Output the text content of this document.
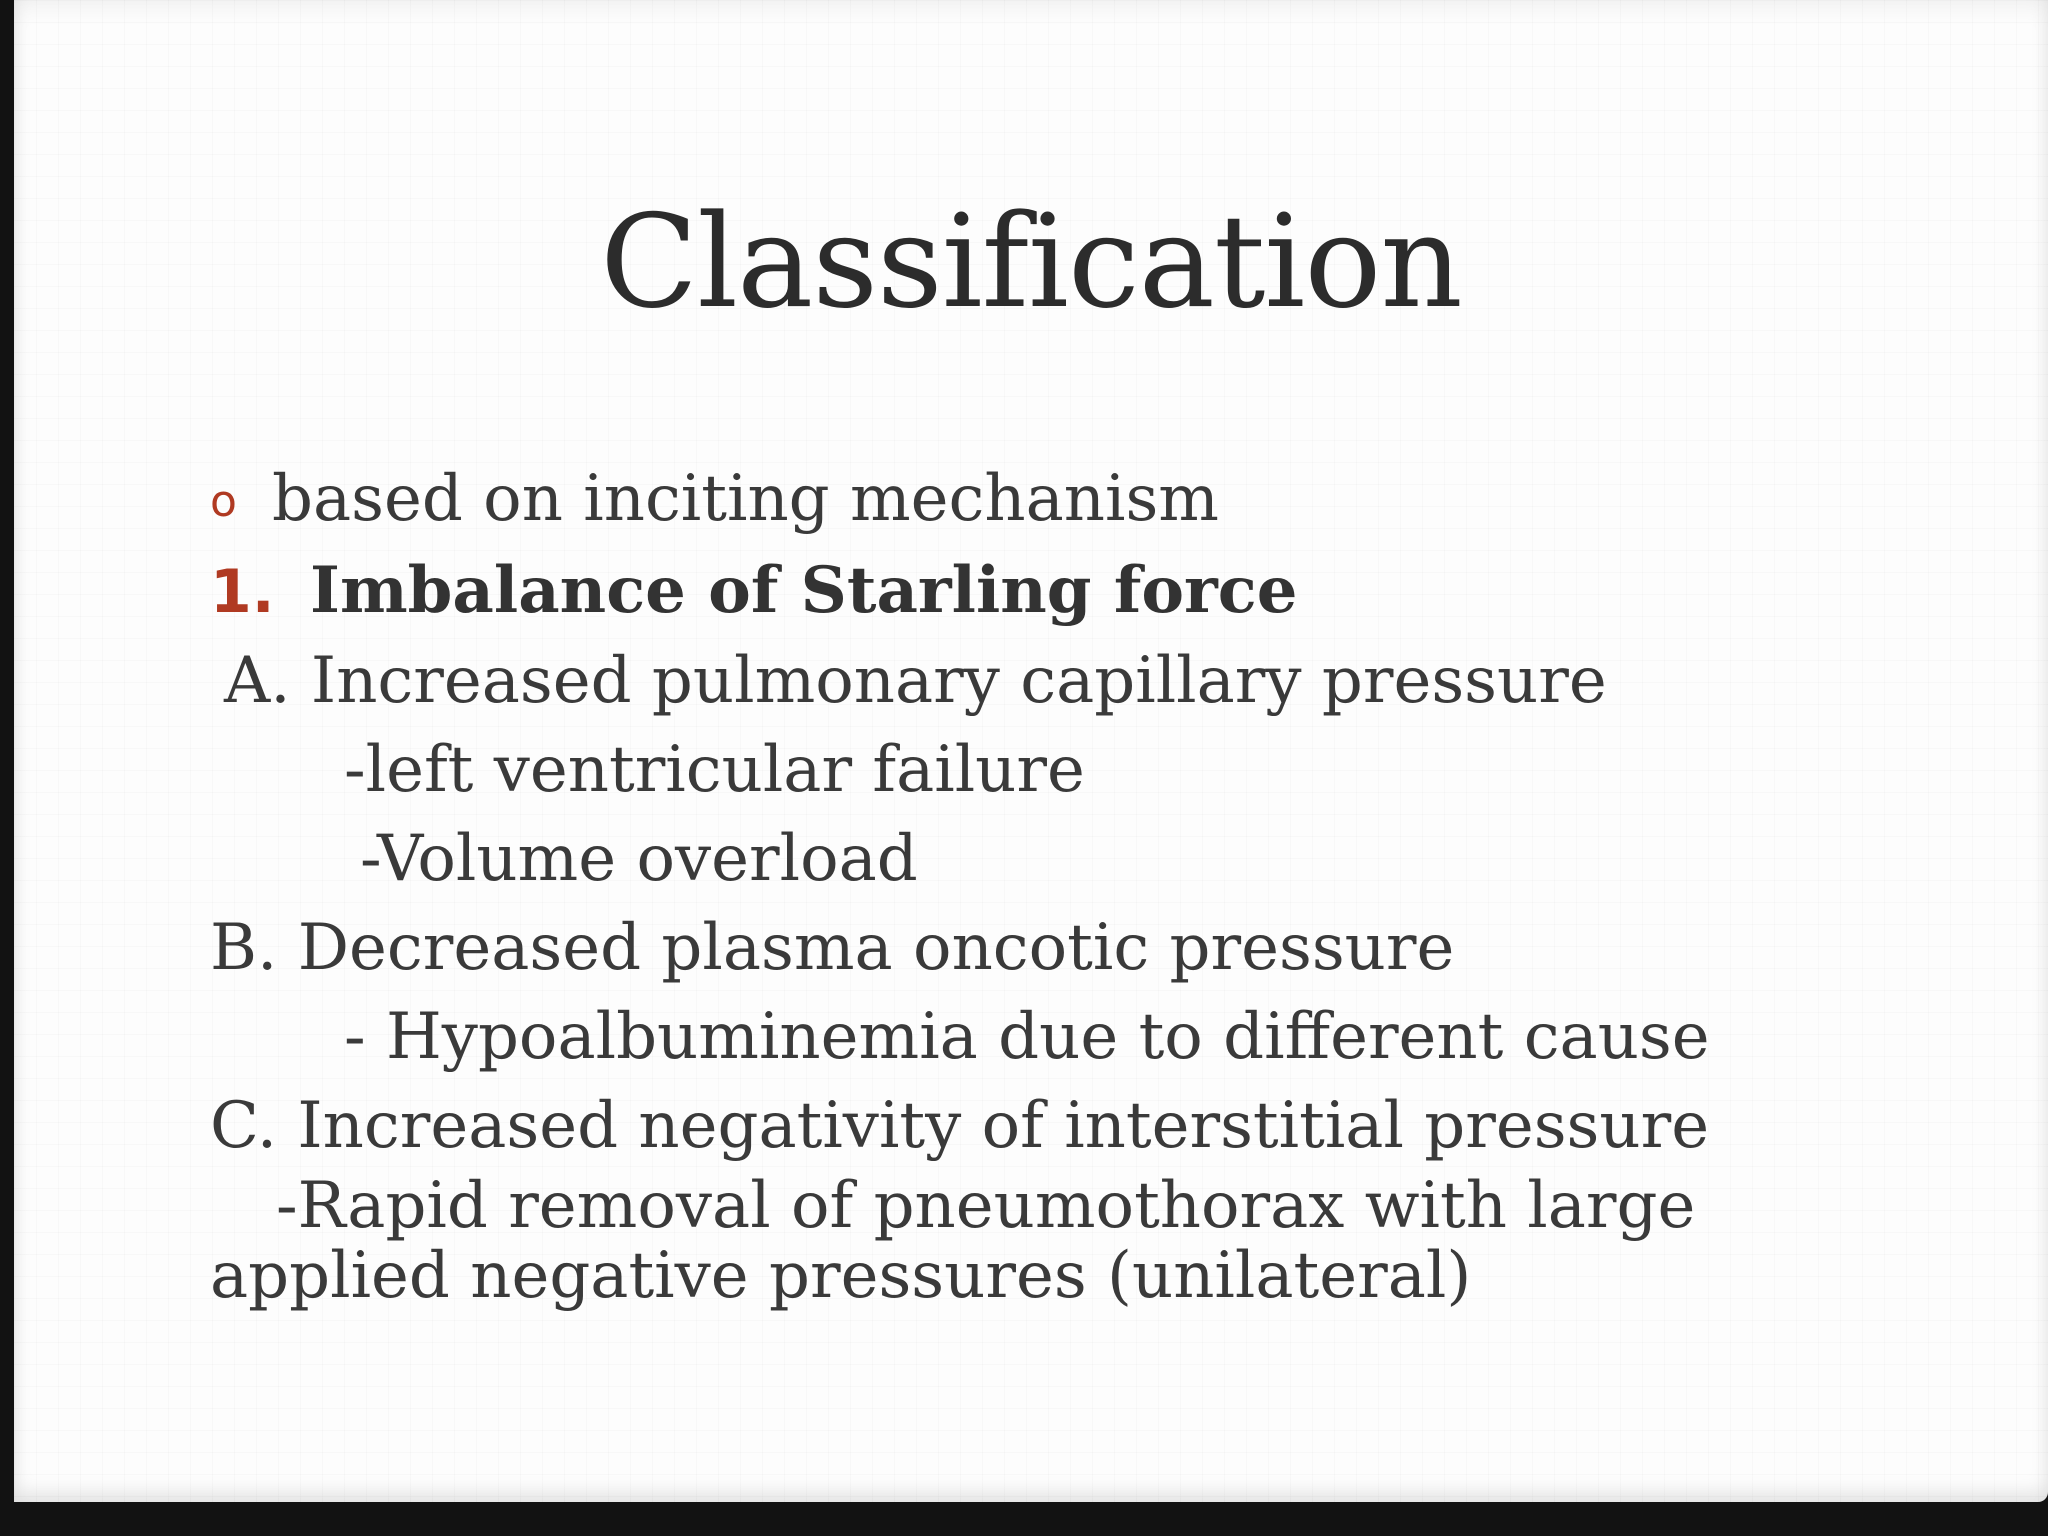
Classification
o based on inciting mechanism
1. Imbalance of Starling force
A. Increased pulmonary capillary pressure
-left ventricular failure
-Volume overload
B. Decreased plasma oncotic pressure
- Hypoalbuminemia due to different cause
C. Increased negativity of interstitial pressure
-Rapid removal of pneumothorax with large
applied negative pressures (unilateral)
